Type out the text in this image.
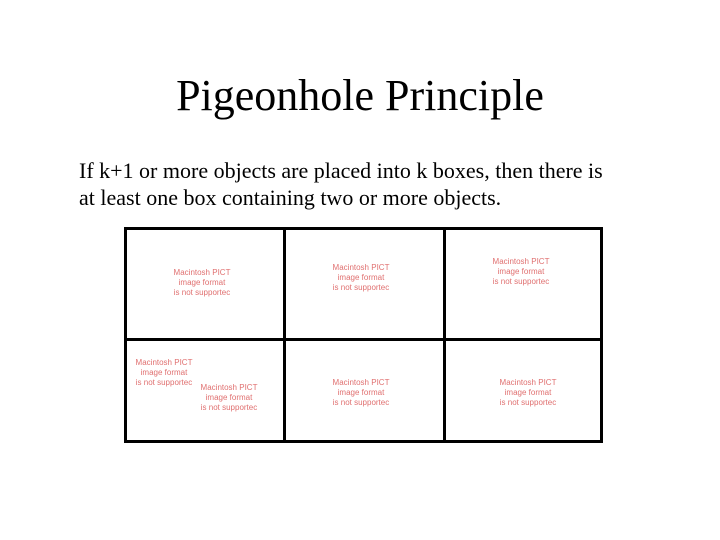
Pigeonhole Principle
If k+1 or more objects are placed into k boxes, then there is
at least one box containing two or more objects.
Macintosh PICT
image format
is not supportec
Macintosh PICT
image format
is not supportec
Macintosh PICT
image format
is not supportec
Macintosh PICT
image format
is not supportec
Macintosh PICT
image format
is not supportec
Macintosh PICT
image format
is not supportec
Macintosh PICT
image format
is not supportec
